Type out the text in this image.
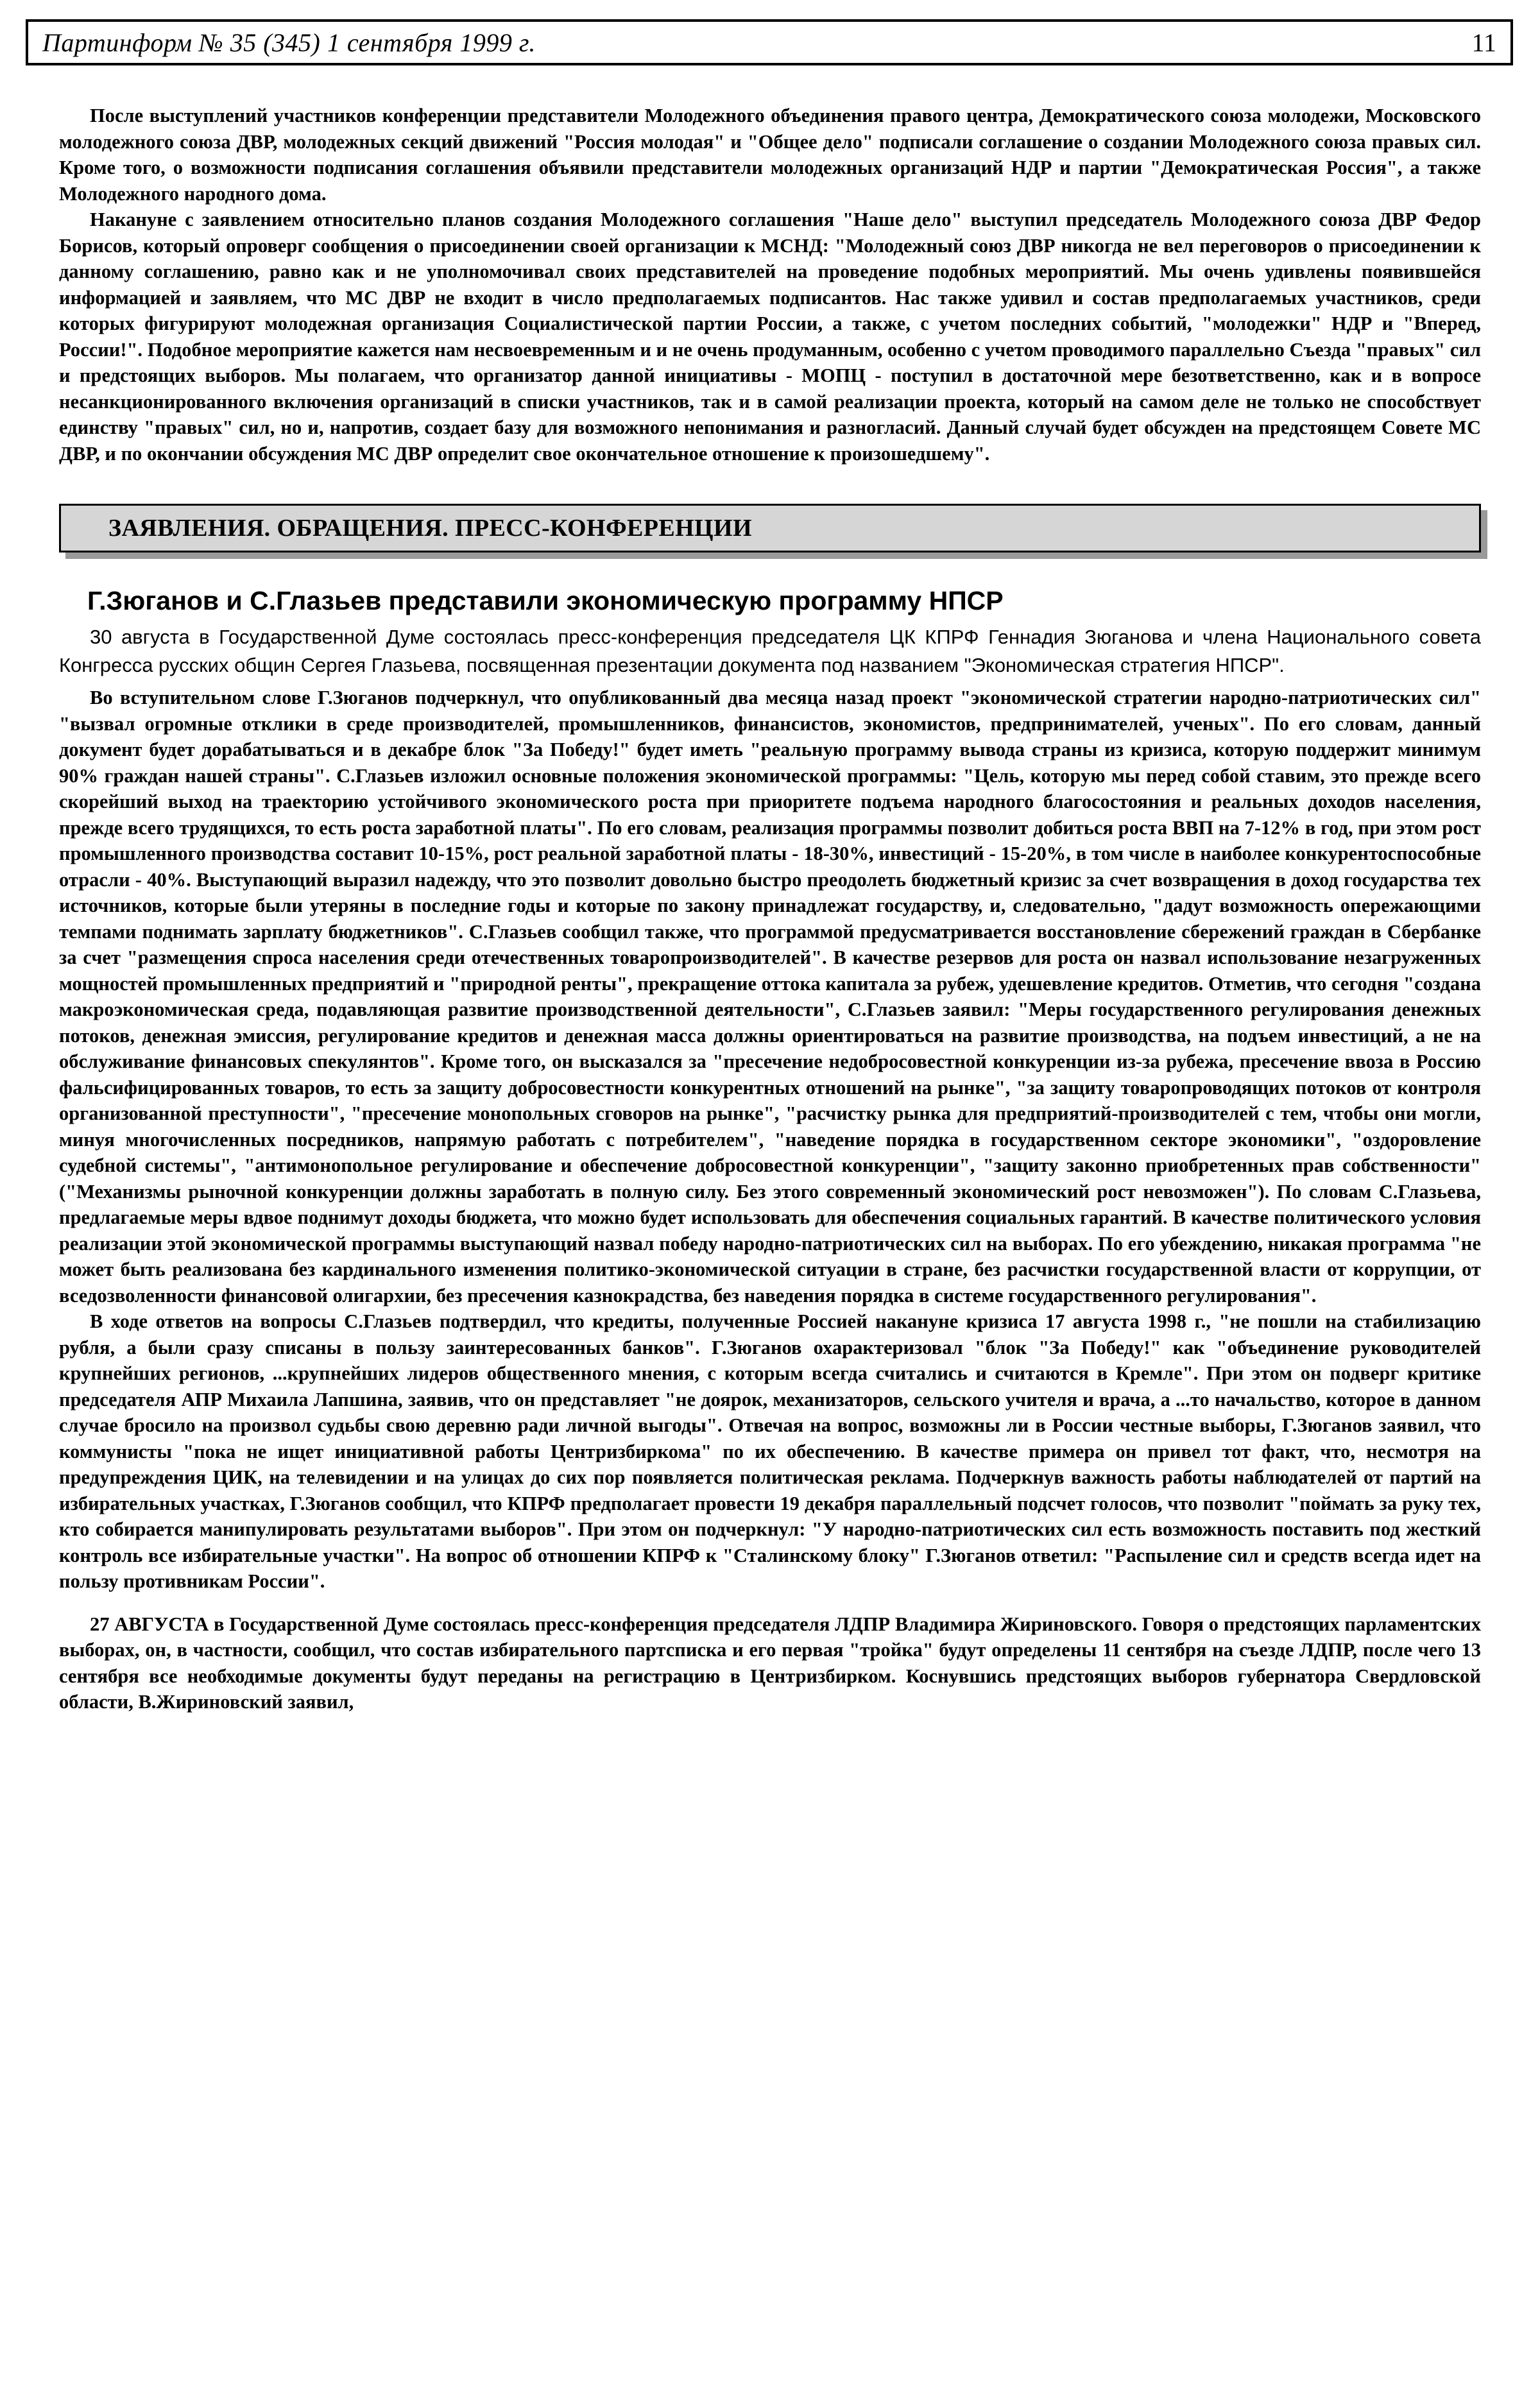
Партинформ № 35 (345) 1 сентября 1999 г.	11

После выступлений участников конференции представители Молодежного объединения правого центра, Демократического союза молодежи, Московского молодежного союза ДВР, молодежных секций движений "Россия молодая" и "Общее дело" подписали соглашение о создании Молодежного союза правых сил. Кроме того, о возможности подписания соглашения объявили представители молодежных организаций НДР и партии "Демократическая Россия", а также Молодежного народного дома.

Накануне с заявлением относительно планов создания Молодежного соглашения "Наше дело" выступил председатель Молодежного союза ДВР Федор Борисов, который опроверг сообщения о присоединении своей организации к МСНД: "Молодежный союз ДВР никогда не вел переговоров о присоединении к данному соглашению, равно как и не уполномочивал своих представителей на проведение подобных мероприятий. Мы очень удивлены появившейся информацией и заявляем, что МС ДВР не входит в число предполагаемых подписантов. Нас также удивил и состав предполагаемых участников, среди которых фигурируют молодежная организация Социалистической партии России, а также, с учетом последних событий, "молодежки" НДР и "Вперед, России!". Подобное мероприятие кажется нам несвоевременным и и не очень продуманным, особенно с учетом проводимого параллельно Съезда "правых" сил и предстоящих выборов. Мы полагаем, что организатор данной инициативы - МОПЦ - поступил в достаточной мере безответственно, как и в вопросе несанкционированного включения организаций в списки участников, так и в самой реализации проекта, который на самом деле не только не способствует единству "правых" сил, но и, напротив, создает базу для возможного непонимания и разногласий. Данный случай будет обсужден на предстоящем Совете МС ДВР, и по окончании обсуждения МС ДВР определит свое окончательное отношение к произошедшему".

ЗАЯВЛЕНИЯ. ОБРАЩЕНИЯ. ПРЕСС-КОНФЕРЕНЦИИ
Г.Зюганов и С.Глазьев представили экономическую программу НПСР

30 августа в Государственной Думе состоялась пресс-конференция председателя ЦК КПРФ Геннадия Зюганова и члена Национального совета Конгресса русских общин Сергея Глазьева, посвященная презентации документа под названием "Экономическая стратегия НПСР".

Во вступительном слове Г.Зюганов подчеркнул, что опубликованный два месяца назад проект "экономической стратегии народно-патриотических сил" "вызвал огромные отклики в среде производителей, промышленников, финансистов, экономистов, предпринимателей, ученых". По его словам, данный документ будет дорабатываться и в декабре блок "За Победу!" будет иметь "реальную программу вывода страны из кризиса, которую поддержит минимум 90% граждан нашей страны". С.Глазьев изложил основные положения экономической программы: "Цель, которую мы перед собой ставим, это прежде всего скорейший выход на траекторию устойчивого экономического роста при приоритете подъема народного благосостояния и реальных доходов населения, прежде всего трудящихся, то есть роста заработной платы". По его словам, реализация программы позволит добиться роста ВВП на 7-12% в год, при этом рост промышленного производства составит 10-15%, рост реальной заработной платы - 18-30%, инвестиций - 15-20%, в том числе в наиболее конкурентоспособные отрасли - 40%. Выступающий выразил надежду, что это позволит довольно быстро преодолеть бюджетный кризис за счет возвращения в доход государства тех источников, которые были утеряны в последние годы и которые по закону принадлежат государству, и, следовательно, "дадут возможность опережающими темпами поднимать зарплату бюджетников". С.Глазьев сообщил также, что программой предусматривается восстановление сбережений граждан в Сбербанке за счет "размещения спроса населения среди отечественных товаропроизводителей". В качестве резервов для роста он назвал использование незагруженных мощностей промышленных предприятий и "природной ренты", прекращение оттока капитала за рубеж, удешевление кредитов. Отметив, что сегодня "создана макроэкономическая среда, подавляющая развитие производственной деятельности", С.Глазьев заявил: "Меры государственного регулирования денежных потоков, денежная эмиссия, регулирование кредитов и денежная масса должны ориентироваться на развитие производства, на подъем инвестиций, а не на обслуживание финансовых спекулянтов". Кроме того, он высказался за "пресечение недобросовестной конкуренции из-за рубежа, пресечение ввоза в Россию фальсифицированных товаров, то есть за защиту добросовестности конкурентных отношений на рынке", "за защиту товаропроводящих потоков от контроля организованной преступности", "пресечение монопольных сговоров на рынке", "расчистку рынка для предприятий-производителей с тем, чтобы они могли, минуя многочисленных посредников, напрямую работать с потребителем", "наведение порядка в государственном секторе экономики", "оздоровление судебной системы", "антимонопольное регулирование и обеспечение добросовестной конкуренции", "защиту законно приобретенных прав собственности" ("Механизмы рыночной конкуренции должны заработать в полную силу. Без этого современный экономический рост невозможен"). По словам С.Глазьева, предлагаемые меры вдвое поднимут доходы бюджета, что можно будет использовать для обеспечения социальных гарантий. В качестве политического условия реализации этой экономической программы выступающий назвал победу народно-патриотических сил на выборах. По его убеждению, никакая программа "не может быть реализована без кардинального изменения политико-экономической ситуации в стране, без расчистки государственной власти от коррупции, от вседозволенности финансовой олигархии, без пресечения казнокрадства, без наведения порядка в системе государственного регулирования".

В ходе ответов на вопросы С.Глазьев подтвердил, что кредиты, полученные Россией накануне кризиса 17 августа 1998 г., "не пошли на стабилизацию рубля, а были сразу списаны в пользу заинтересованных банков". Г.Зюганов охарактеризовал "блок "За Победу!" как "объединение руководителей крупнейших регионов, ...крупнейших лидеров общественного мнения, с которым всегда считались и считаются в Кремле". При этом он подверг критике председателя АПР Михаила Лапшина, заявив, что он представляет "не доярок, механизаторов, сельского учителя и врача, а ...то начальство, которое в данном случае бросило на произвол судьбы свою деревню ради личной выгоды". Отвечая на вопрос, возможны ли в России честные выборы, Г.Зюганов заявил, что коммунисты "пока не ищет инициативной работы Центризбиркома" по их обеспечению. В качестве примера он привел тот факт, что, несмотря на предупреждения ЦИК, на телевидении и на улицах до сих пор появляется политическая реклама. Подчеркнув важность работы наблюдателей от партий на избирательных участках, Г.Зюганов сообщил, что КПРФ предполагает провести 19 декабря параллельный подсчет голосов, что позволит "поймать за руку тех, кто собирается манипулировать результатами выборов". При этом он подчеркнул: "У народно-патриотических сил есть возможность поставить под жесткий контроль все избирательные участки". На вопрос об отношении КПРФ к "Сталинскому блоку" Г.Зюганов ответил: "Распыление сил и средств всегда идет на пользу противникам России".

27 АВГУСТА в Государственной Думе состоялась пресс-конференция председателя ЛДПР Владимира Жириновского. Говоря о предстоящих парламентских выборах, он, в частности, сообщил, что состав избирательного партсписка и его первая "тройка" будут определены 11 сентября на съезде ЛДПР, после чего 13 сентября все необходимые документы будут переданы на регистрацию в Центризбирком. Коснувшись предстоящих выборов губернатора Свердловской области, В.Жириновский заявил,
